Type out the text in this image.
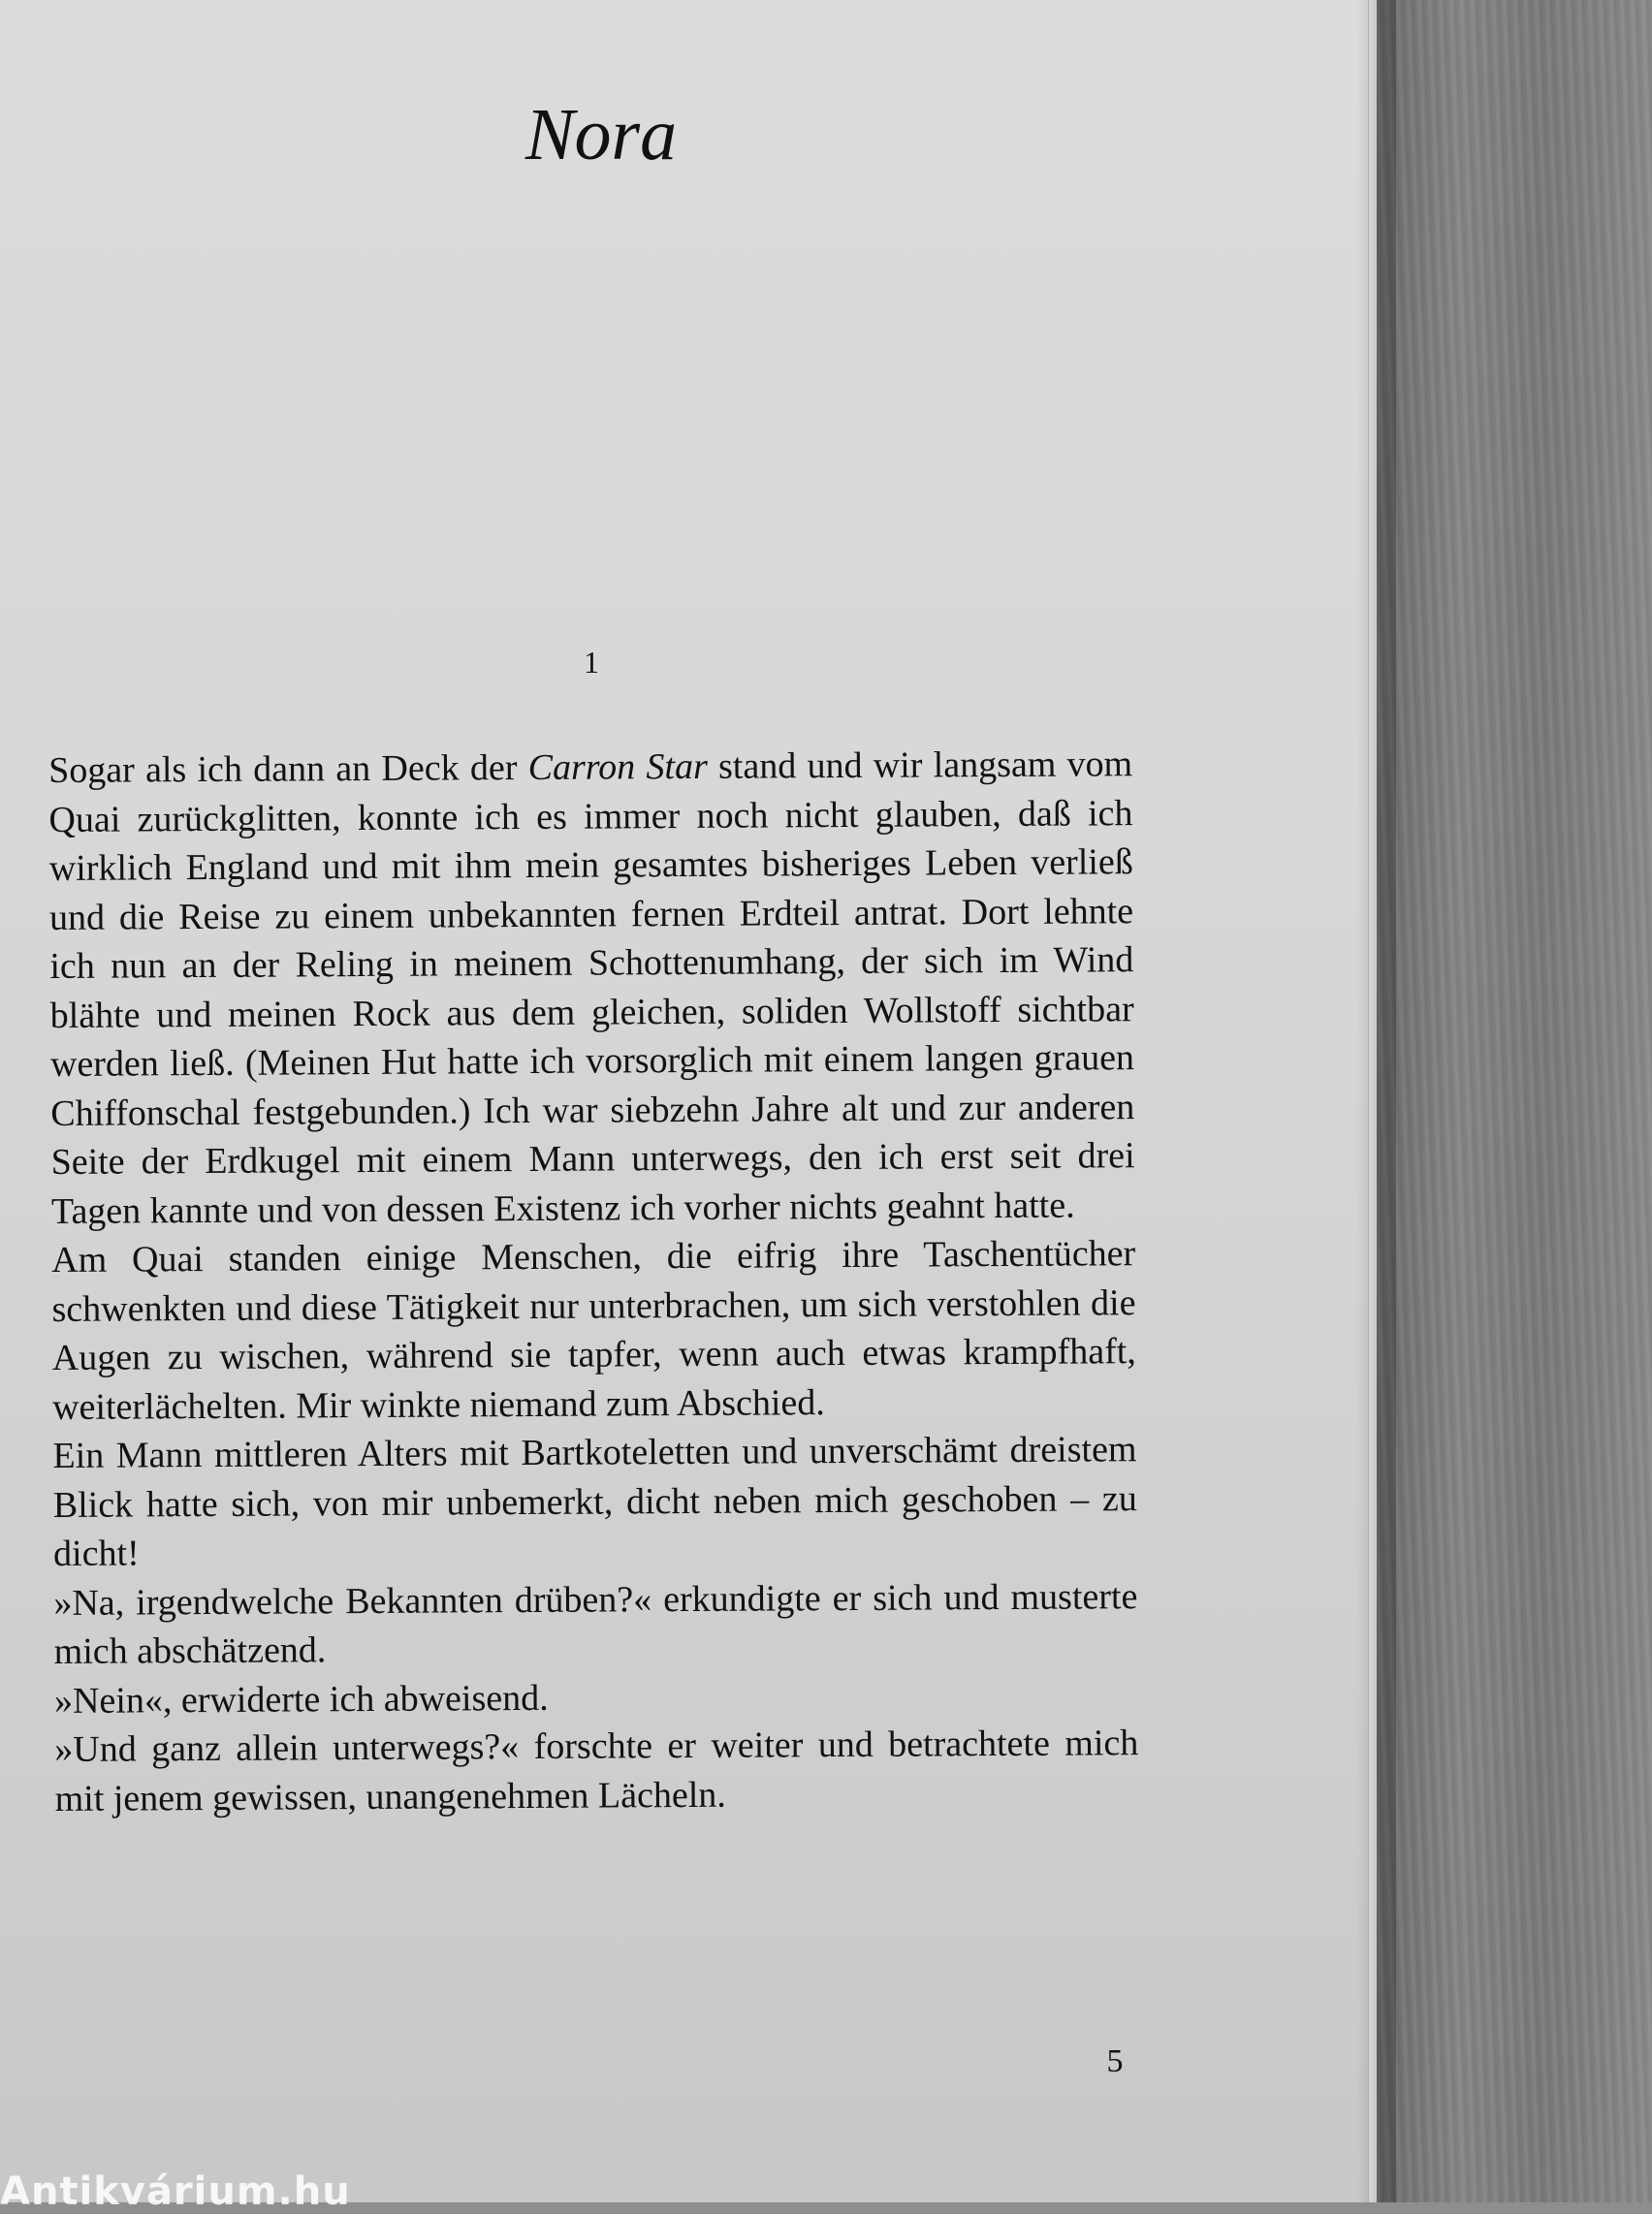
Nora
1

Sogar als ich dann an Deck der Carron Star stand und wir langsam vom Quai zurückglitten, konnte ich es immer noch nicht glauben, daß ich wirklich England und mit ihm mein gesamtes bisheriges Leben verließ und die Reise zu einem unbekannten fernen Erdteil antrat. Dort lehnte ich nun an der Reling in meinem Schottenumhang, der sich im Wind blähte und meinen Rock aus dem gleichen, soliden Wollstoff sichtbar werden ließ. (Meinen Hut hatte ich vorsorglich mit einem langen grauen Chiffonschal festgebunden.) Ich war siebzehn Jahre alt und zur anderen Seite der Erdkugel mit einem Mann unterwegs, den ich erst seit drei Tagen kannte und von dessen Existenz ich vorher nichts geahnt hatte.

Am Quai standen einige Menschen, die eifrig ihre Taschentücher schwenkten und diese Tätigkeit nur unterbrachen, um sich verstohlen die Augen zu wischen, während sie tapfer, wenn auch etwas krampfhaft, weiterlächelten. Mir winkte niemand zum Abschied.

Ein Mann mittleren Alters mit Bartkoteletten und unverschämt dreistem Blick hatte sich, von mir unbemerkt, dicht neben mich geschoben – zu dicht!

»Na, irgendwelche Bekannten drüben?« erkundigte er sich und musterte mich abschätzend.

»Nein«, erwiderte ich abweisend.

»Und ganz allein unterwegs?« forschte er weiter und betrachtete mich mit jenem gewissen, unangenehmen Lächeln.

5
Antikvárium.hu
